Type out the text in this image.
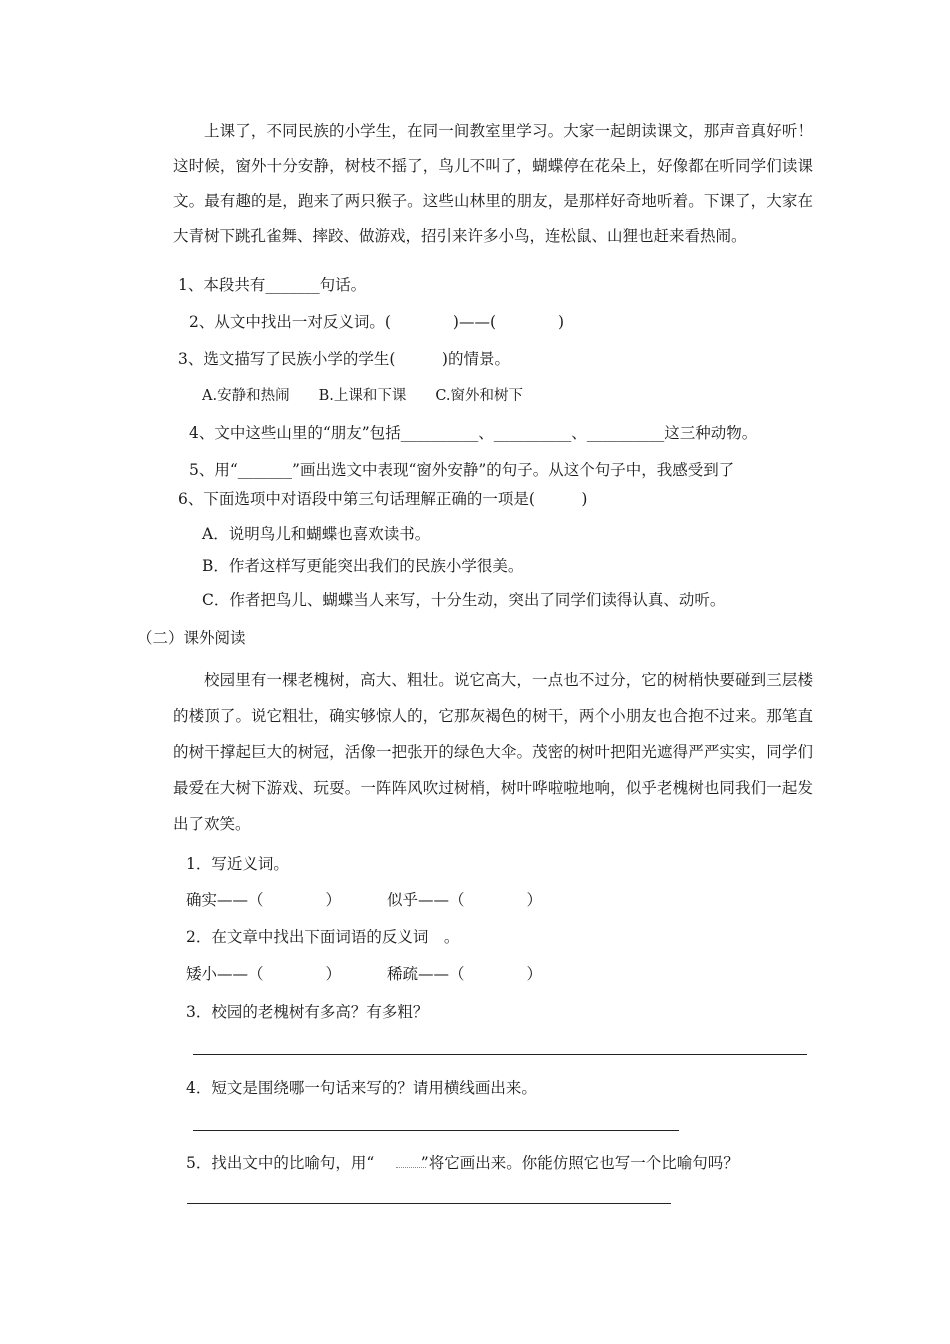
上课了，不同民族的小学生，在同一间教室里学习。大家一起朗读课文，那声音真好听！这时候，窗外十分安静，树枝不摇了，鸟儿不叫了，蝴蝶停在花朵上，好像都在听同学们读课文。最有趣的是，跑来了两只猴子。这些山林里的朋友，是那样好奇地听着。下课了，大家在大青树下跳孔雀舞、摔跤、做游戏，招引来许多小鸟，连松鼠、山狸也赶来看热闹。
1、本段共有_______句话。
2、从文中找出一对反义词。(　　　　)——(　　　　)
3、选文描写了民族小学的学生(　　　)的情景。
A.安静和热闹　　B.上课和下课　　C.窗外和树下
4、文中这些山里的“朋友”包括__________、__________、__________这三种动物。
5、用“_______”画出选文中表现“窗外安静”的句子。从这个句子中，我感受到了
6、下面选项中对语段中第三句话理解正确的一项是(　　　)
A．说明鸟儿和蝴蝶也喜欢读书。
B．作者这样写更能突出我们的民族小学很美。
C．作者把鸟儿、蝴蝶当人来写，十分生动，突出了同学们读得认真、动听。
（二）课外阅读
校园里有一棵老槐树，高大、粗壮。说它高大，一点也不过分，它的树梢快要碰到三层楼的楼顶了。说它粗壮，确实够惊人的，它那灰褐色的树干，两个小朋友也合抱不过来。那笔直的树干撑起巨大的树冠，活像一把张开的绿色大伞。茂密的树叶把阳光遮得严严实实，同学们最爱在大树下游戏、玩耍。一阵阵风吹过树梢，树叶哗啦啦地响，似乎老槐树也同我们一起发出了欢笑。
1．写近义词。
确实——（　　　　）	似乎——（　　　　）
2．在文章中找出下面词语的反义词　。
矮小——（　　　　）	稀疏——（　　　　）
3．校园的老槐树有多高？有多粗？
4．短文是围绕哪一句话来写的？请用横线画出来。
5．找出文中的比喻句，用“　　　”将它画出来。你能仿照它也写一个比喻句吗？
